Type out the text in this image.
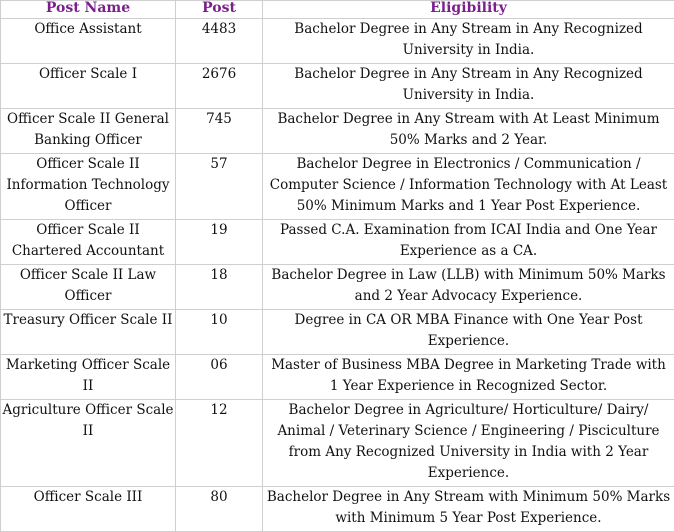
Post Name	Post	Eligibility
Office Assistant	4483	Bachelor Degree in Any Stream in Any Recognized University in India.
Officer Scale I	2676	Bachelor Degree in Any Stream in Any Recognized University in India.
Officer Scale II General Banking Officer	745	Bachelor Degree in Any Stream with At Least Minimum 50% Marks and 2 Year.
Officer Scale II Information Technology Officer	57	Bachelor Degree in Electronics / Communication / Computer Science / Information Technology with At Least 50% Minimum Marks and 1 Year Post Experience.
Officer Scale II Chartered Accountant	19	Passed C.A. Examination from ICAI India and One Year Experience as a CA.
Officer Scale II Law Officer	18	Bachelor Degree in Law (LLB) with Minimum 50% Marks and 2 Year Advocacy Experience.
Treasury Officer Scale II	10	Degree in CA OR MBA Finance with One Year Post Experience.
Marketing Officer Scale II	06	Master of Business MBA Degree in Marketing Trade with 1 Year Experience in Recognized Sector.
Agriculture Officer Scale II	12	Bachelor Degree in Agriculture/ Horticulture/ Dairy/ Animal / Veterinary Science / Engineering / Pisciculture from Any Recognized University in India with 2 Year Experience.
Officer Scale III	80	Bachelor Degree in Any Stream with Minimum 50% Marks with Minimum 5 Year Post Experience.
